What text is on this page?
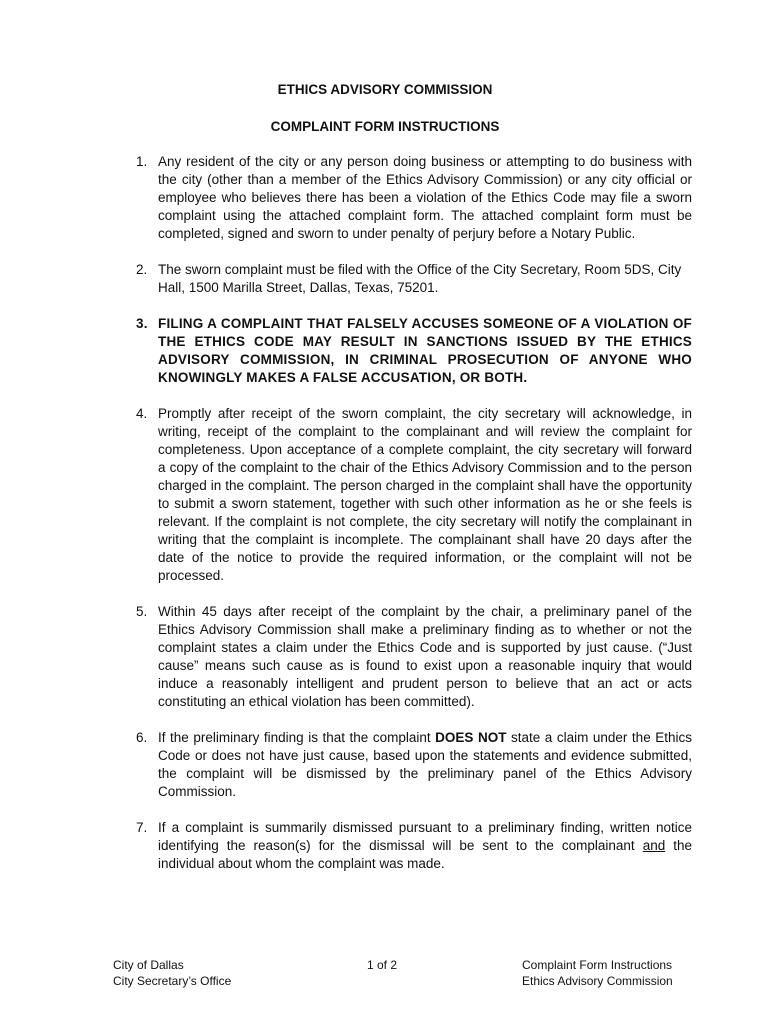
ETHICS ADVISORY COMMISSION
COMPLAINT FORM INSTRUCTIONS
1. Any resident of the city or any person doing business or attempting to do business with the city (other than a member of the Ethics Advisory Commission) or any city official or employee who believes there has been a violation of the Ethics Code may file a sworn complaint using the attached complaint form. The attached complaint form must be completed, signed and sworn to under penalty of perjury before a Notary Public.
2. The sworn complaint must be filed with the Office of the City Secretary, Room 5DS, City Hall, 1500 Marilla Street, Dallas, Texas, 75201.
3. FILING A COMPLAINT THAT FALSELY ACCUSES SOMEONE OF A VIOLATION OF THE ETHICS CODE MAY RESULT IN SANCTIONS ISSUED BY THE ETHICS ADVISORY COMMISSION, IN CRIMINAL PROSECUTION OF ANYONE WHO KNOWINGLY MAKES A FALSE ACCUSATION, OR BOTH.
4. Promptly after receipt of the sworn complaint, the city secretary will acknowledge, in writing, receipt of the complaint to the complainant and will review the complaint for completeness. Upon acceptance of a complete complaint, the city secretary will forward a copy of the complaint to the chair of the Ethics Advisory Commission and to the person charged in the complaint. The person charged in the complaint shall have the opportunity to submit a sworn statement, together with such other information as he or she feels is relevant. If the complaint is not complete, the city secretary will notify the complainant in writing that the complaint is incomplete. The complainant shall have 20 days after the date of the notice to provide the required information, or the complaint will not be processed.
5. Within 45 days after receipt of the complaint by the chair, a preliminary panel of the Ethics Advisory Commission shall make a preliminary finding as to whether or not the complaint states a claim under the Ethics Code and is supported by just cause. (“Just cause” means such cause as is found to exist upon a reasonable inquiry that would induce a reasonably intelligent and prudent person to believe that an act or acts constituting an ethical violation has been committed).
6. If the preliminary finding is that the complaint DOES NOT state a claim under the Ethics Code or does not have just cause, based upon the statements and evidence submitted, the complaint will be dismissed by the preliminary panel of the Ethics Advisory Commission.
7. If a complaint is summarily dismissed pursuant to a preliminary finding, written notice identifying the reason(s) for the dismissal will be sent to the complainant and the individual about whom the complaint was made.
City of Dallas
City Secretary’s Office
1 of 2	Complaint Form Instructions
Ethics Advisory Commission
